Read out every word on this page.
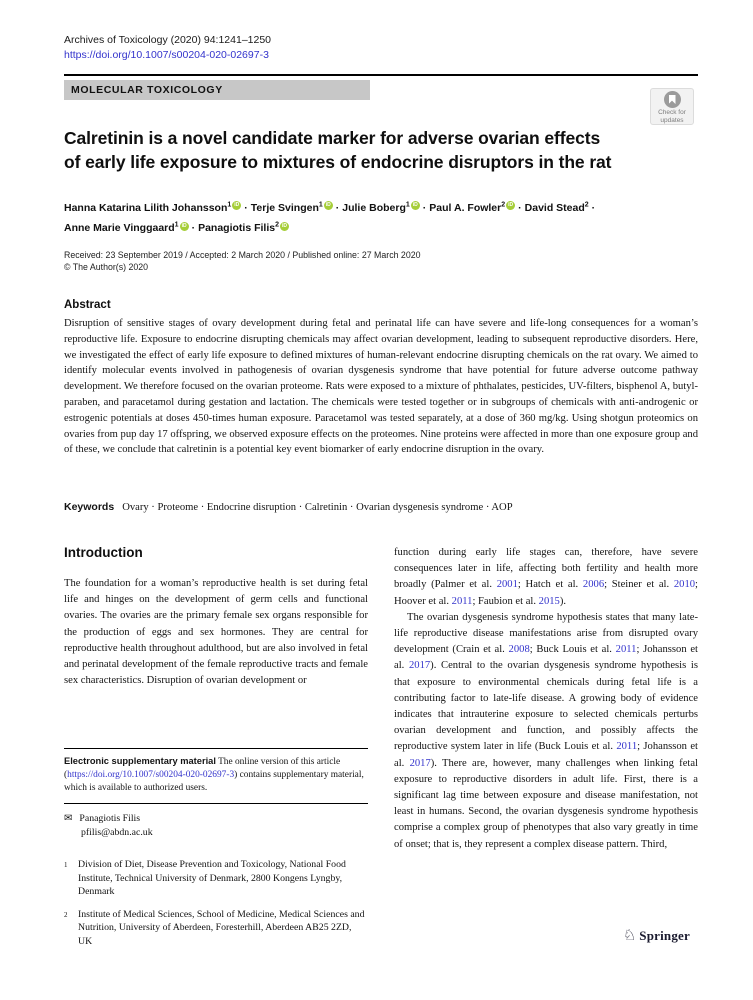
Archives of Toxicology (2020) 94:1241–1250
https://doi.org/10.1007/s00204-020-02697-3
MOLECULAR TOXICOLOGY
Check for
updates
Calretinin is a novel candidate marker for adverse ovarian effects
of early life exposure to mixtures of endocrine disruptors in the rat
Hanna Katarina Lilith Johansson$^1$ iD · Terje Svingen$^1$ iD · Julie Boberg$^1$ iD · Paul A. Fowler$^2$ iD · David Stead$^2$ ·
Anne Marie Vinggaard$^1$ iD · Panagiotis Filis$^2$ iD
Received: 23 September 2019 / Accepted: 2 March 2020 / Published online: 27 March 2020
© The Author(s) 2020
Abstract
Disruption of sensitive stages of ovary development during fetal and perinatal life can have severe and life-long consequences for a woman’s reproductive life. Exposure to endocrine disrupting chemicals may affect ovarian development, leading to subsequent reproductive disorders. Here, we investigated the effect of early life exposure to defined mixtures of human-relevant endocrine disrupting chemicals on the rat ovary. We aimed to identify molecular events involved in pathogenesis of ovarian dysgenesis syndrome that have potential for future adverse outcome pathway development. We therefore focused on the ovarian proteome. Rats were exposed to a mixture of phthalates, pesticides, UV-filters, bisphenol A, butyl-paraben, and paracetamol during gestation and lactation. The chemicals were tested together or in subgroups of chemicals with anti-androgenic or estrogenic potentials at doses 450-times human exposure. Paracetamol was tested separately, at a dose of 360 mg/kg. Using shotgun proteomics on ovaries from pup day 17 offspring, we observed exposure effects on the proteomes. Nine proteins were affected in more than one exposure group and of these, we conclude that calretinin is a potential key event biomarker of early endocrine disruption in the ovary.
Keywords Ovary · Proteome · Endocrine disruption · Calretinin · Ovarian dysgenesis syndrome · AOP
Introduction

The foundation for a woman’s reproductive health is set during fetal life and hinges on the development of germ cells and functional ovaries. The ovaries are the primary female sex organs responsible for the production of eggs and sex hormones. They are central for reproductive health throughout adulthood, but are also involved in fetal and perinatal development of the female reproductive tracts and female sex characteristics. Disruption of ovarian development or

function during early life stages can, therefore, have severe consequences later in life, affecting both fertility and health more broadly (Palmer et al. 2001; Hatch et al. 2006; Steiner et al. 2010; Hoover et al. 2011; Faubion et al. 2015).

The ovarian dysgenesis syndrome hypothesis states that many late-life reproductive disease manifestations arise from disrupted ovary development (Crain et al. 2008; Buck Louis et al. 2011; Johansson et al. 2017). Central to the ovarian dysgenesis syndrome hypothesis is that exposure to environmental chemicals during fetal life is a contributing factor to late-life disease. A growing body of evidence indicates that intrauterine exposure to selected chemicals perturbs ovarian development and function, and possibly affects the reproductive system later in life (Buck Louis et al. 2011; Johansson et al. 2017). There are, however, many challenges when linking fetal exposure to reproductive disorders in adult life. First, there is a significant lag time between exposure and disease manifestation, not least in humans. Second, the ovarian dysgenesis syndrome hypothesis comprise a complex group of phenotypes that also vary greatly in time of onset; that is, they represent a complex disease pattern. Third,

Electronic supplementary material The online version of this article (https://doi.org/10.1007/s00204-020-02697-3) contains supplementary material, which is available to authorized users.

✉ Panagiotis Filis
pfilis@abdn.ac.uk
1	Division of Diet, Disease Prevention and Toxicology, National Food Institute, Technical University of Denmark, 2800 Kongens Lyngby, Denmark
2	Institute of Medical Sciences, School of Medicine, Medical Sciences and Nutrition, University of Aberdeen, Foresterhill, Aberdeen AB25 2ZD, UK	♘ Springer
